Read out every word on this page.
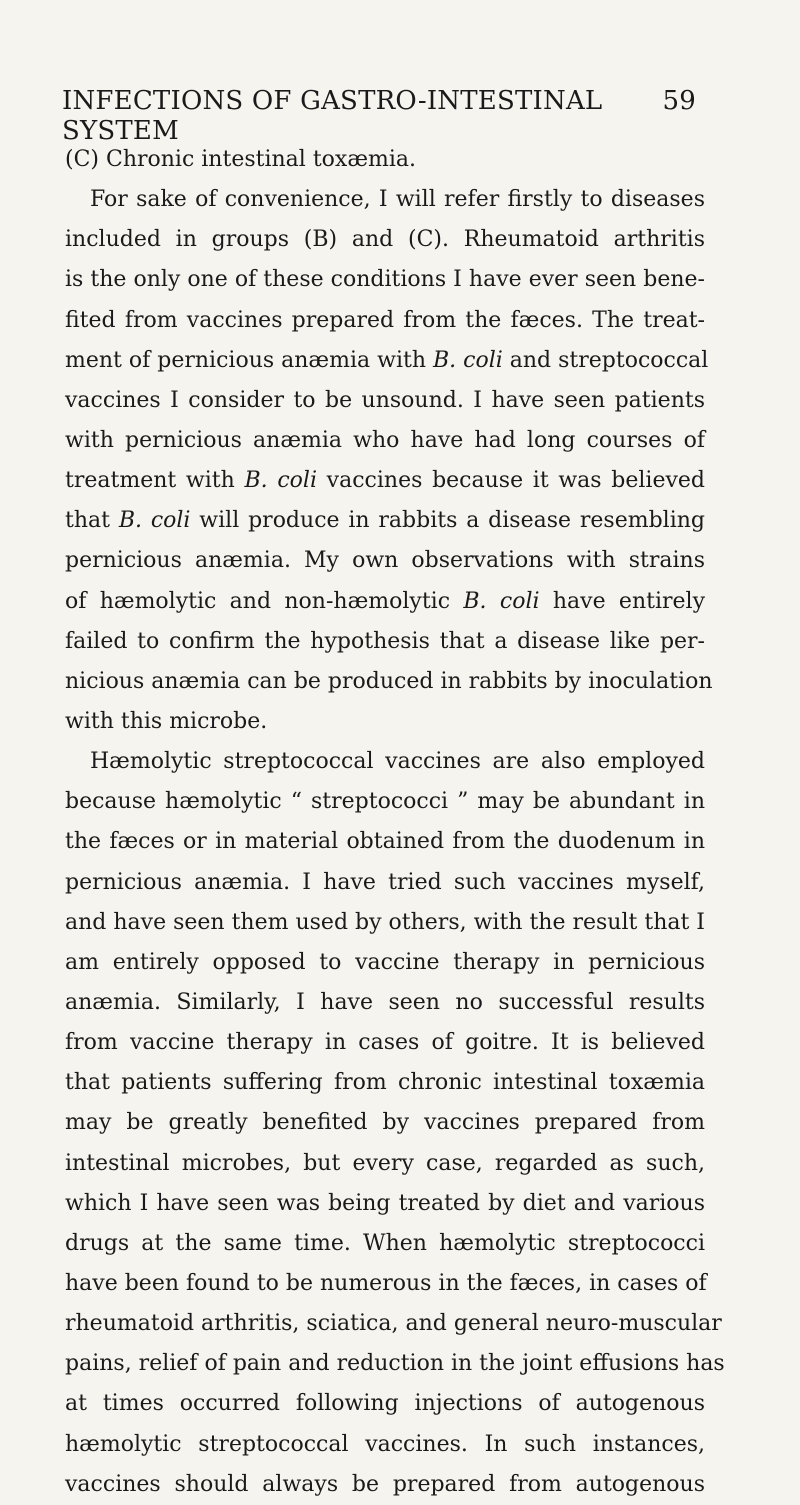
INFECTIONS OF GASTRO-INTESTINAL SYSTEM
59
(C) Chronic intestinal toxæmia.
For sake of convenience, I will refer firstly to diseases
included in groups (B) and (C). Rheumatoid arthritis
is the only one of these conditions I have ever seen bene-
fited from vaccines prepared from the fæces. The treat-
ment of pernicious anæmia with B. coli and streptococcal
vaccines I consider to be unsound. I have seen patients
with pernicious anæmia who have had long courses of
treatment with B. coli vaccines because it was believed
that B. coli will produce in rabbits a disease resembling
pernicious anæmia. My own observations with strains
of hæmolytic and non-hæmolytic B. coli have entirely
failed to confirm the hypothesis that a disease like per-
nicious anæmia can be produced in rabbits by inoculation
with this microbe.
Hæmolytic streptococcal vaccines are also employed
because hæmolytic “ streptococci ” may be abundant in
the fæces or in material obtained from the duodenum in
pernicious anæmia. I have tried such vaccines myself,
and have seen them used by others, with the result that I
am entirely opposed to vaccine therapy in pernicious
anæmia. Similarly, I have seen no successful results
from vaccine therapy in cases of goitre. It is believed
that patients suffering from chronic intestinal toxæmia
may be greatly benefited by vaccines prepared from
intestinal microbes, but every case, regarded as such,
which I have seen was being treated by diet and various
drugs at the same time. When hæmolytic streptococci
have been found to be numerous in the fæces, in cases of
rheumatoid arthritis, sciatica, and general neuro-muscular
pains, relief of pain and reduction in the joint effusions has
at times occurred following injections of autogenous
hæmolytic streptococcal vaccines. In such instances,
vaccines should always be prepared from autogenous
